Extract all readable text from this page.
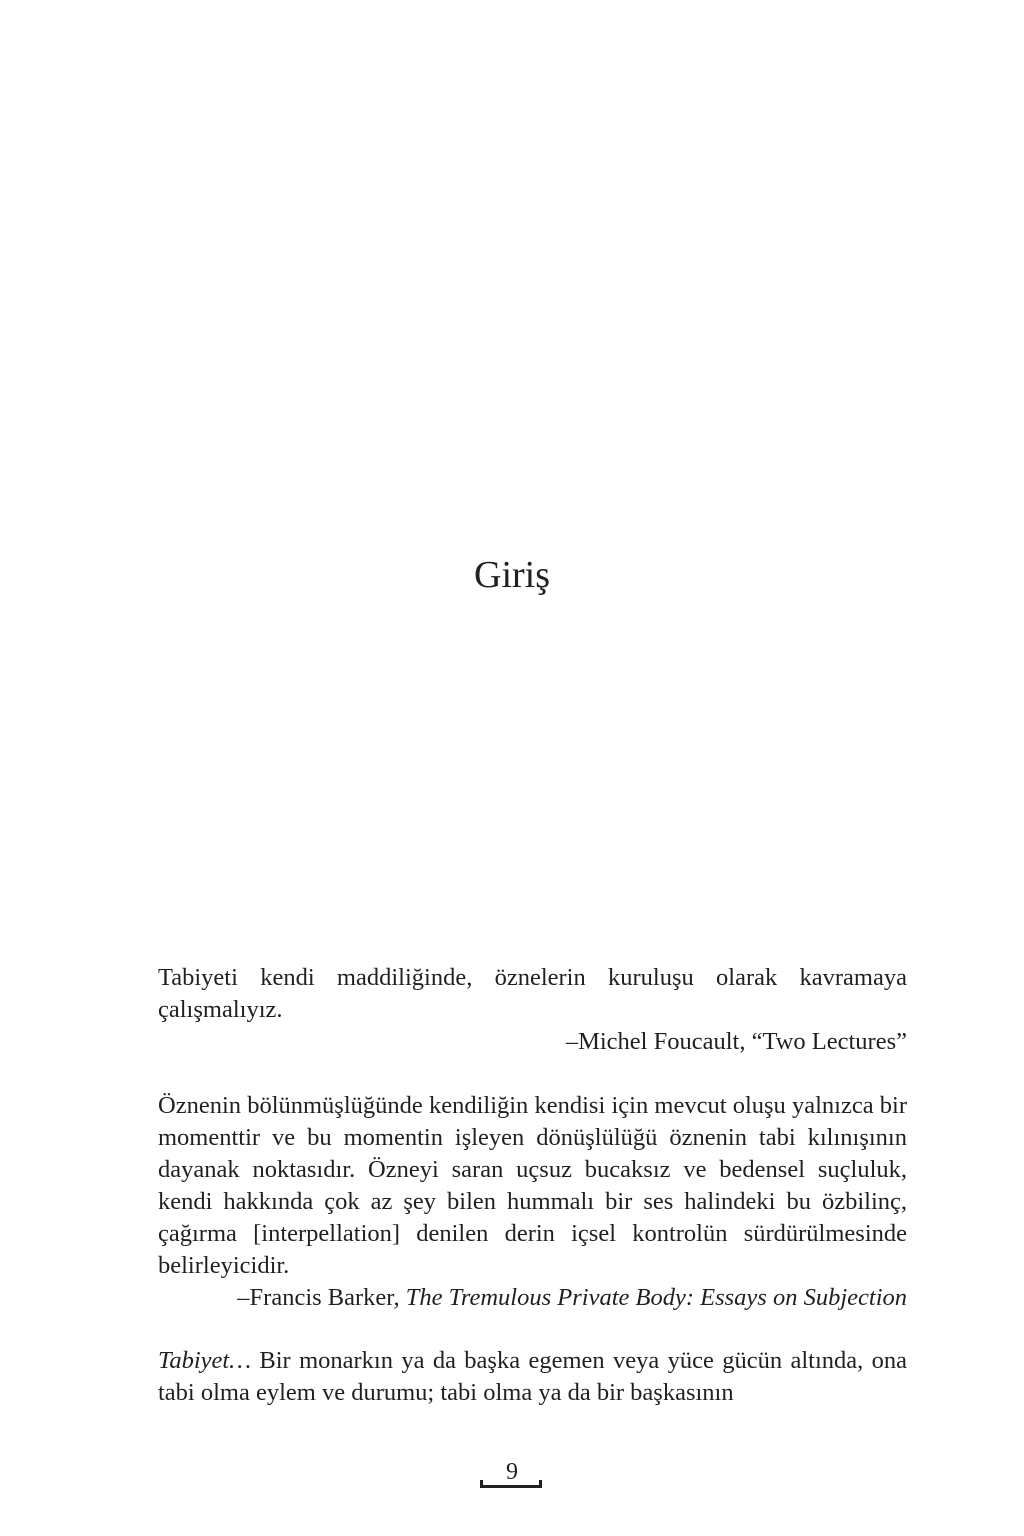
Giriş

Tabiyeti kendi maddiliğinde, öznelerin kuruluşu olarak kavramaya çalışmalıyız.

–Michel Foucault, “Two Lectures”

Öznenin bölünmüşlüğünde kendiliğin kendisi için mevcut oluşu yalnızca bir momenttir ve bu momentin işleyen dönüşlülüğü öznenin tabi kılınışının dayanak noktasıdır. Özneyi saran uçsuz bucaksız ve bedensel suçluluk, kendi hakkında çok az şey bilen hummalı bir ses halindeki bu özbilinç, çağırma [interpellation] denilen derin içsel kontrolün sürdürülmesinde belirleyicidir.

–Francis Barker, The Tremulous Private Body: Essays on Subjection

Tabiyet… Bir monarkın ya da başka egemen veya yüce gücün altında, ona tabi olma eylem ve durumu; tabi olma ya da bir başkasının

9
